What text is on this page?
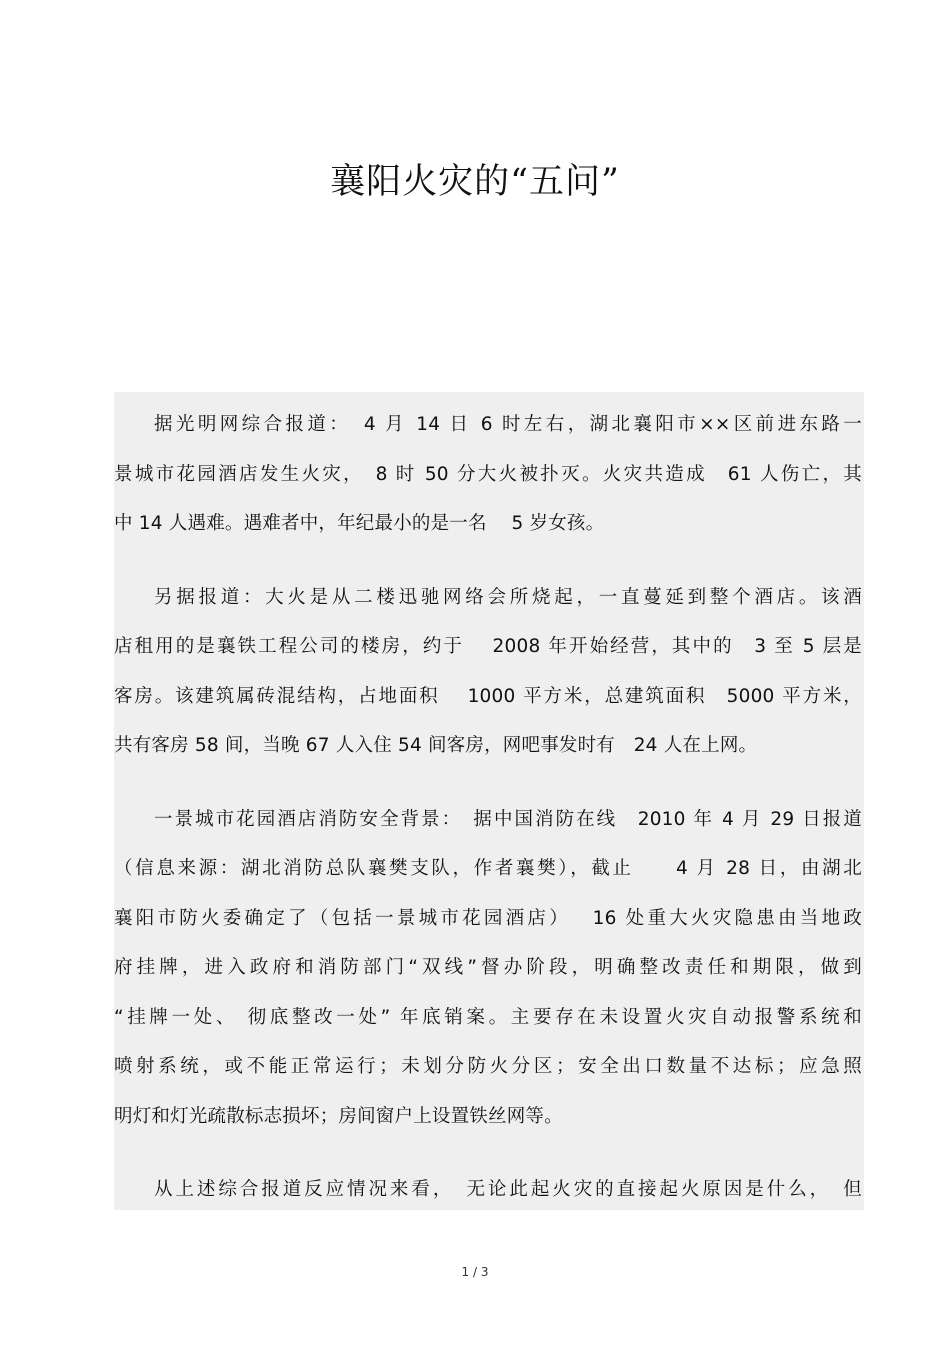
襄阳火灾的“五问”
据光明网综合报道：　4 月 14 日 6 时左右，湖北襄阳市××区前进东路一
景城市花园酒店发生火灾，　8 时 50 分大火被扑灭。火灾共造成　61 人伤亡，其
中 14 人遇难。遇难者中，年纪最小的是一名　 5 岁女孩。
另据报道：大火是从二楼迅驰网络会所烧起，一直蔓延到整个酒店。该酒
店租用的是襄铁工程公司的楼房，约于　 2008 年开始经营，其中的　3 至 5 层是
客房。该建筑属砖混结构，占地面积　 1000 平方米，总建筑面积　5000 平方米，
共有客房 58 间，当晚 67 人入住 54 间客房，网吧事发时有　24 人在上网。
一景城市花园酒店消防安全背景：　据中国消防在线　2010 年 4 月 29 日报道
（信息来源：湖北消防总队襄樊支队，作者襄樊），截止　　4 月 28 日，由湖北
襄阳市防火委确定了（包括一景城市花园酒店）　 16 处重大火灾隐患由当地政
府挂牌，进入政府和消防部门“双线”督办阶段，明确整改责任和期限，做到
“挂牌一处、 彻底整改一处” 年底销案。主要存在未设置火灾自动报警系统和
喷射系统，或不能正常运行；未划分防火分区；安全出口数量不达标；应急照
明灯和灯光疏散标志损坏；房间窗户上设置铁丝网等。
从上述综合报道反应情况来看，　无论此起火灾的直接起火原因是什么，　但
1 / 3
